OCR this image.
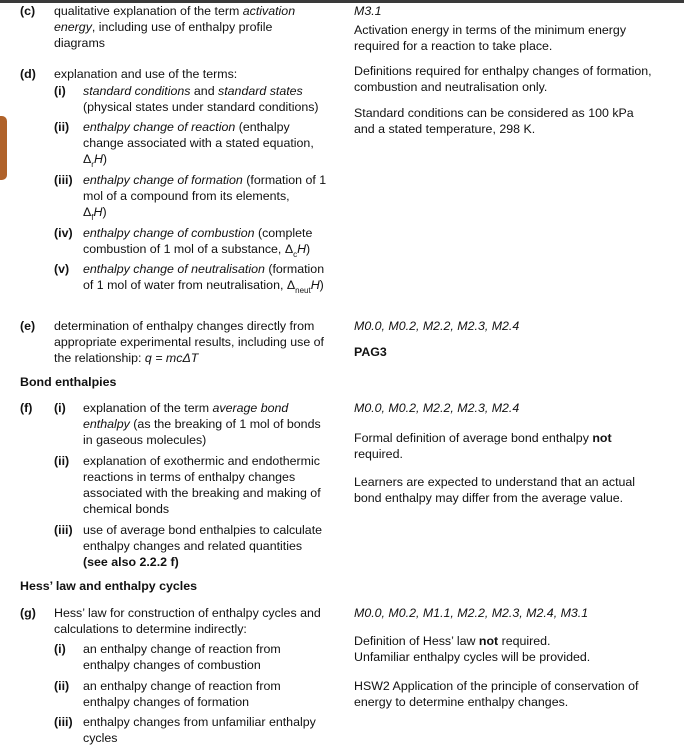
(c) qualitative explanation of the term activation energy, including use of enthalpy profile diagrams
M3.1
Activation energy in terms of the minimum energy required for a reaction to take place.
(d) explanation and use of the terms:	Definitions required for enthalpy changes of formation, combustion and neutralisation only.
Standard conditions can be considered as 100 kPa and a stated temperature, 298 K.
(i) standard conditions and standard states (physical states under standard conditions)
(ii) enthalpy change of reaction (enthalpy change associated with a stated equation,
$\Delta_rH$)
(iii) enthalpy change of formation (formation of 1 mol of a compound from its elements,
$\Delta_fH$)
(iv) enthalpy change of combustion (complete combustion of 1 mol of a substance, $\Delta_cH$)
(v) enthalpy change of neutralisation (formation of 1 mol of water from neutralisation, $\Delta_{neut}H$)
(e) determination of enthalpy changes directly from appropriate experimental results, including use of the relationship: q = mcΔT
M0.0, M0.2, M2.2, M2.3, M2.4
PAG3
Bond enthalpies
(f) (i) explanation of the term average bond enthalpy (as the breaking of 1 mol of bonds in gaseous molecules)
(ii) explanation of exothermic and endothermic reactions in terms of enthalpy changes associated with the breaking and making of chemical bonds
(iii) use of average bond enthalpies to calculate enthalpy changes and related quantities (see also 2.2.2 f)
M0.0, M0.2, M2.2, M2.3, M2.4
Formal definition of average bond enthalpy not required.
Learners are expected to understand that an actual bond enthalpy may differ from the average value.
Hess’ law and enthalpy cycles
(g) Hess’ law for construction of enthalpy cycles and calculations to determine indirectly:
(i) an enthalpy change of reaction from enthalpy changes of combustion
(ii) an enthalpy change of reaction from enthalpy changes of formation
(iii) enthalpy changes from unfamiliar enthalpy cycles
M0.0, M0.2, M1.1, M2.2, M2.3, M2.4, M3.1
Definition of Hess’ law not required.
Unfamiliar enthalpy cycles will be provided.
HSW2 Application of the principle of conservation of energy to determine enthalpy changes.
